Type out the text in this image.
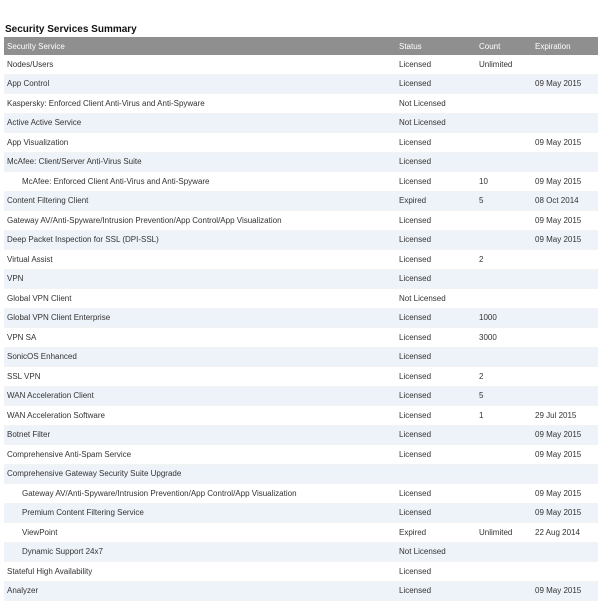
Security Services Summary
Security Service	Status	Count	Expiration
Nodes/Users	Licensed	Unlimited	
App Control	Licensed		09 May 2015
Kaspersky: Enforced Client Anti-Virus and Anti-Spyware	Not Licensed		
Active Active Service	Not Licensed		
App Visualization	Licensed		09 May 2015
McAfee: Client/Server Anti-Virus Suite	Licensed		
McAfee: Enforced Client Anti-Virus and Anti-Spyware	Licensed	10	09 May 2015
Content Filtering Client	Expired	5	08 Oct 2014
Gateway AV/Anti-Spyware/Intrusion Prevention/App Control/App Visualization	Licensed		09 May 2015
Deep Packet Inspection for SSL (DPI-SSL)	Licensed		09 May 2015
Virtual Assist	Licensed	2	
VPN	Licensed		
Global VPN Client	Not Licensed		
Global VPN Client Enterprise	Licensed	1000	
VPN SA	Licensed	3000	
SonicOS Enhanced	Licensed		
SSL VPN	Licensed	2	
WAN Acceleration Client	Licensed	5	
WAN Acceleration Software	Licensed	1	29 Jul 2015
Botnet Filter	Licensed		09 May 2015
Comprehensive Anti-Spam Service	Licensed		09 May 2015
Comprehensive Gateway Security Suite Upgrade			
Gateway AV/Anti-Spyware/Intrusion Prevention/App Control/App Visualization	Licensed		09 May 2015
Premium Content Filtering Service	Licensed		09 May 2015
ViewPoint	Expired	Unlimited	22 Aug 2014
Dynamic Support 24x7	Not Licensed		
Stateful High Availability	Licensed		
Analyzer	Licensed		09 May 2015
